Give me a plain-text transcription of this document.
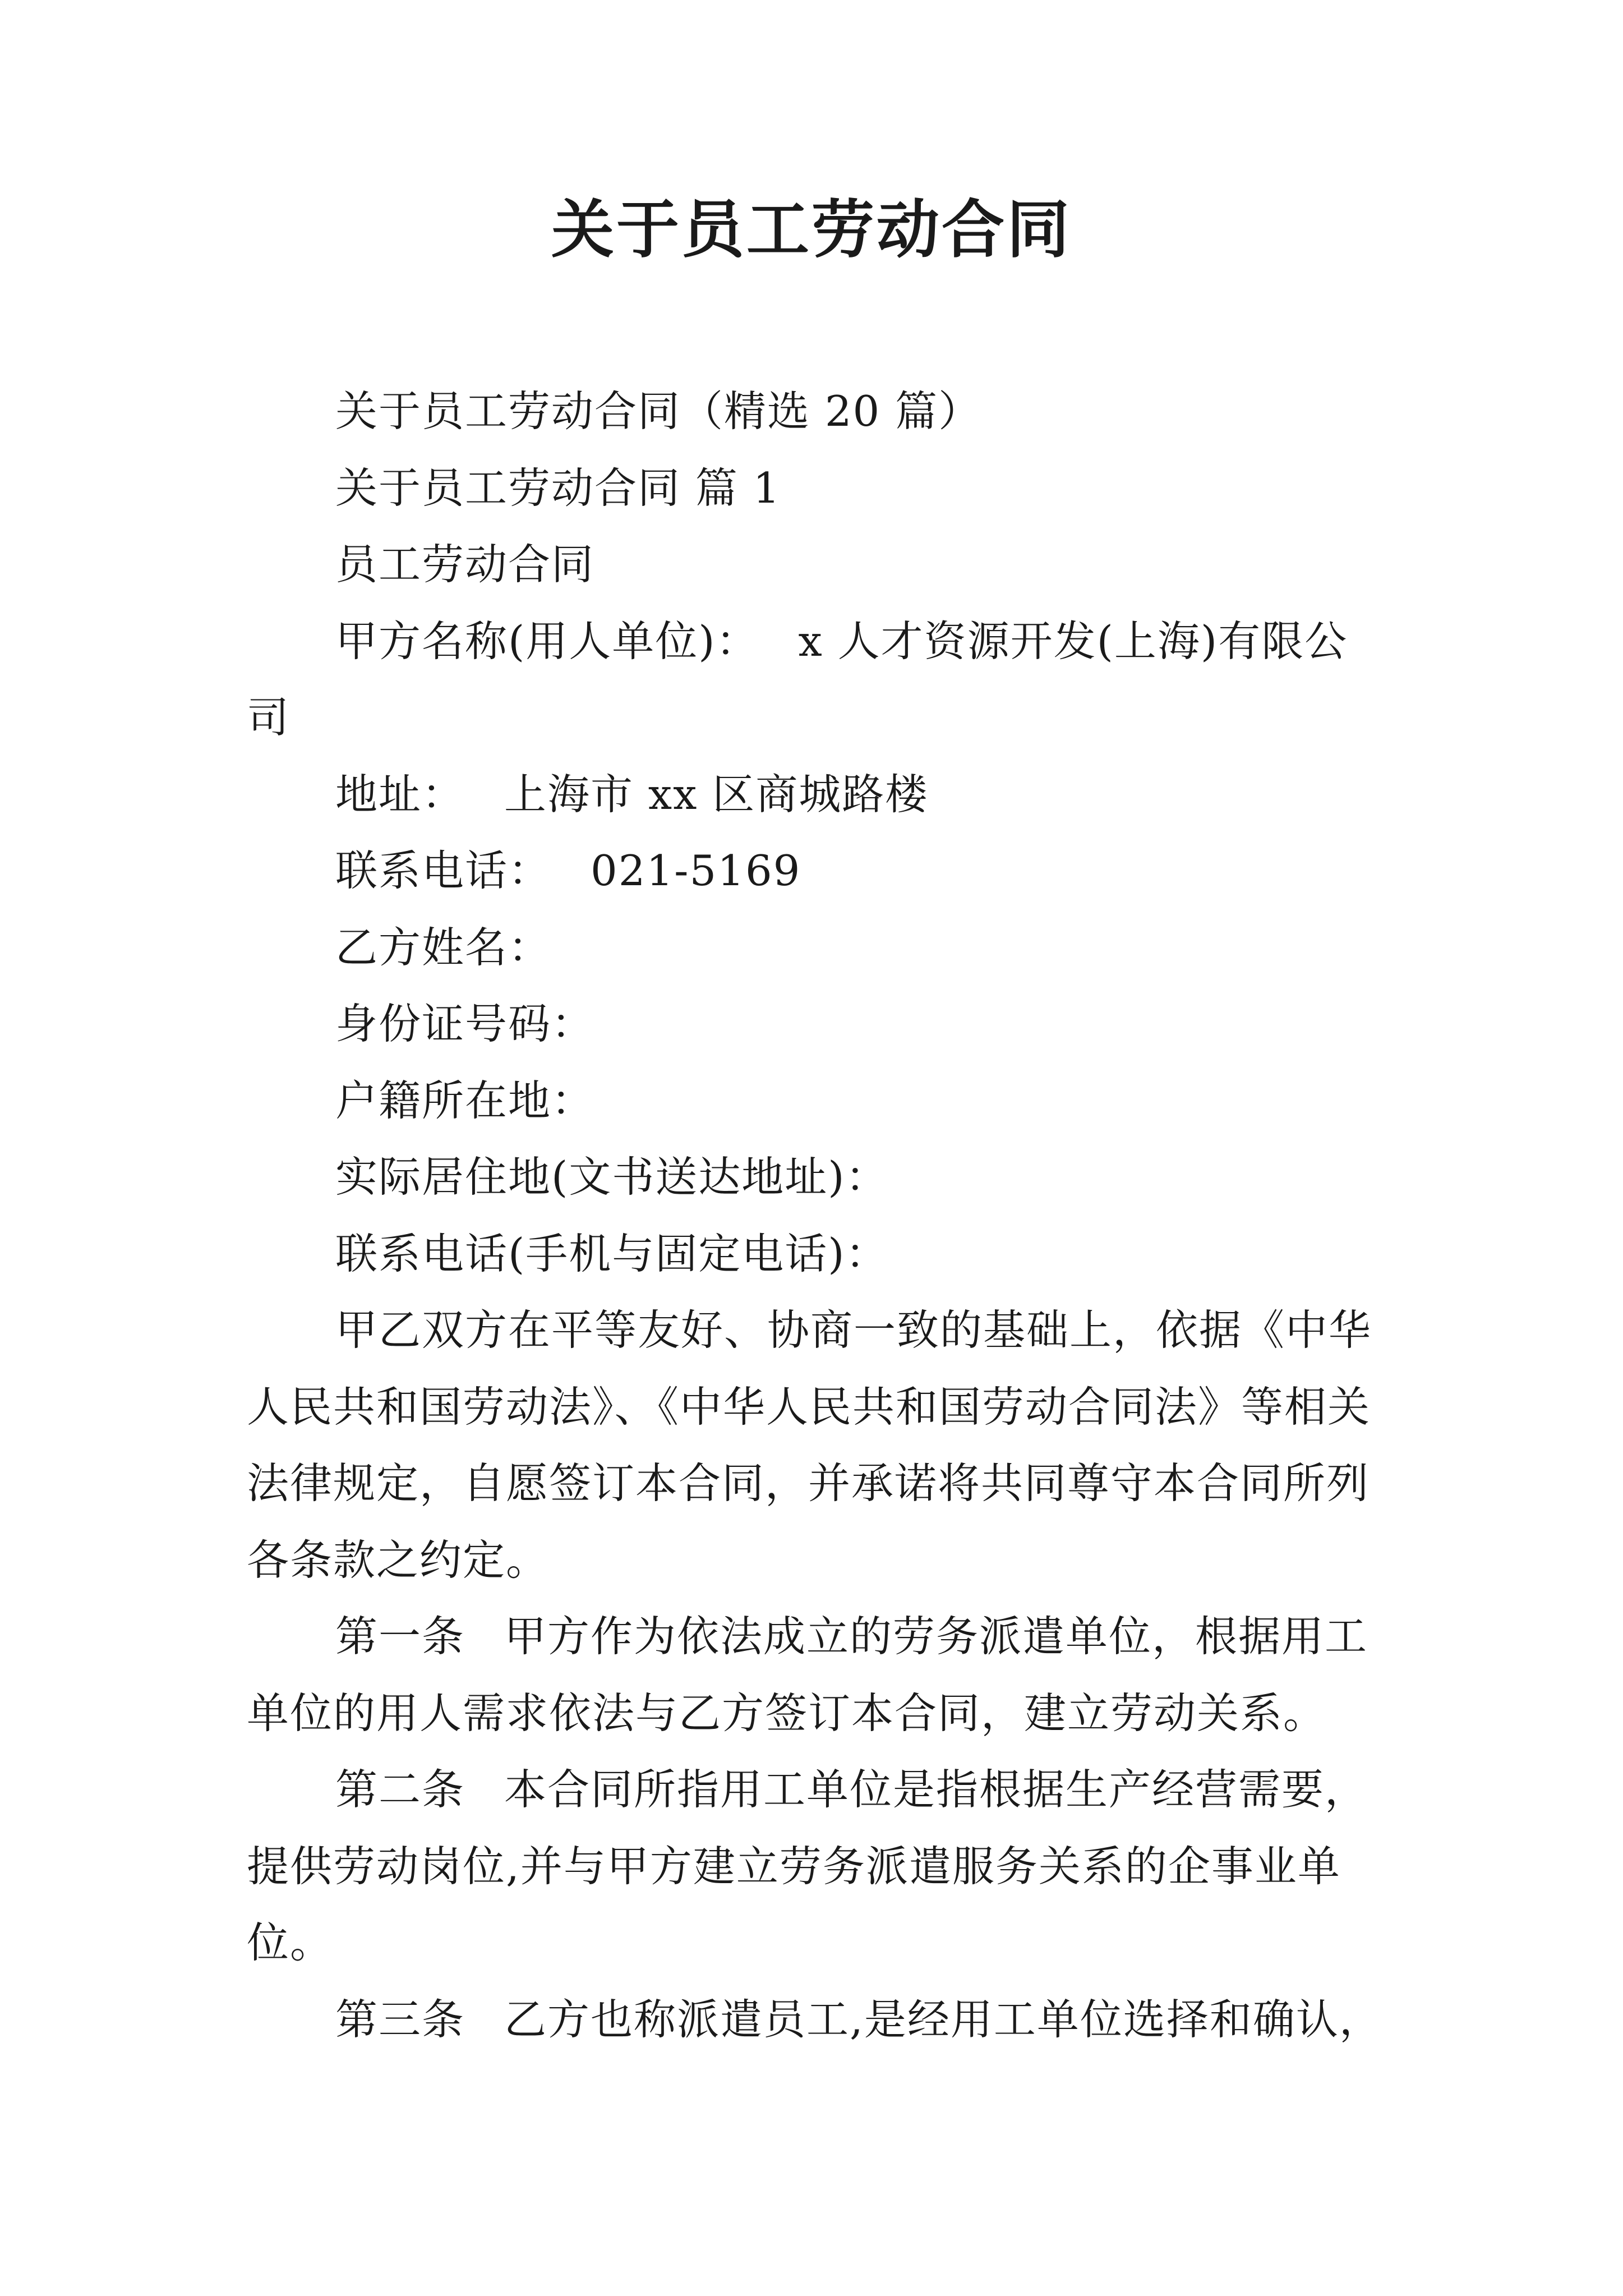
关于员工劳动合同

关于员工劳动合同（精选 20 篇）

关于员工劳动合同 篇 1

员工劳动合同

甲方名称(用人单位)： x 人才资源开发(上海)有限公

司

地址： 上海市 xx 区商城路楼

联系电话： 021-5169

乙方姓名：

身份证号码：

户籍所在地：

实际居住地(文书送达地址)：

联系电话(手机与固定电话)：

甲乙双方在平等友好、协商一致的基础上，依据《中华

人民共和国劳动法》、《中华人民共和国劳动合同法》等相关

法律规定，自愿签订本合同，并承诺将共同尊守本合同所列

各条款之约定。

第一条 甲方作为依法成立的劳务派遣单位，根据用工

单位的用人需求依法与乙方签订本合同，建立劳动关系。

第二条 本合同所指用工单位是指根据生产经营需要，

提供劳动岗位,并与甲方建立劳务派遣服务关系的企事业单

位。

第三条 乙方也称派遣员工,是经用工单位选择和确认，
